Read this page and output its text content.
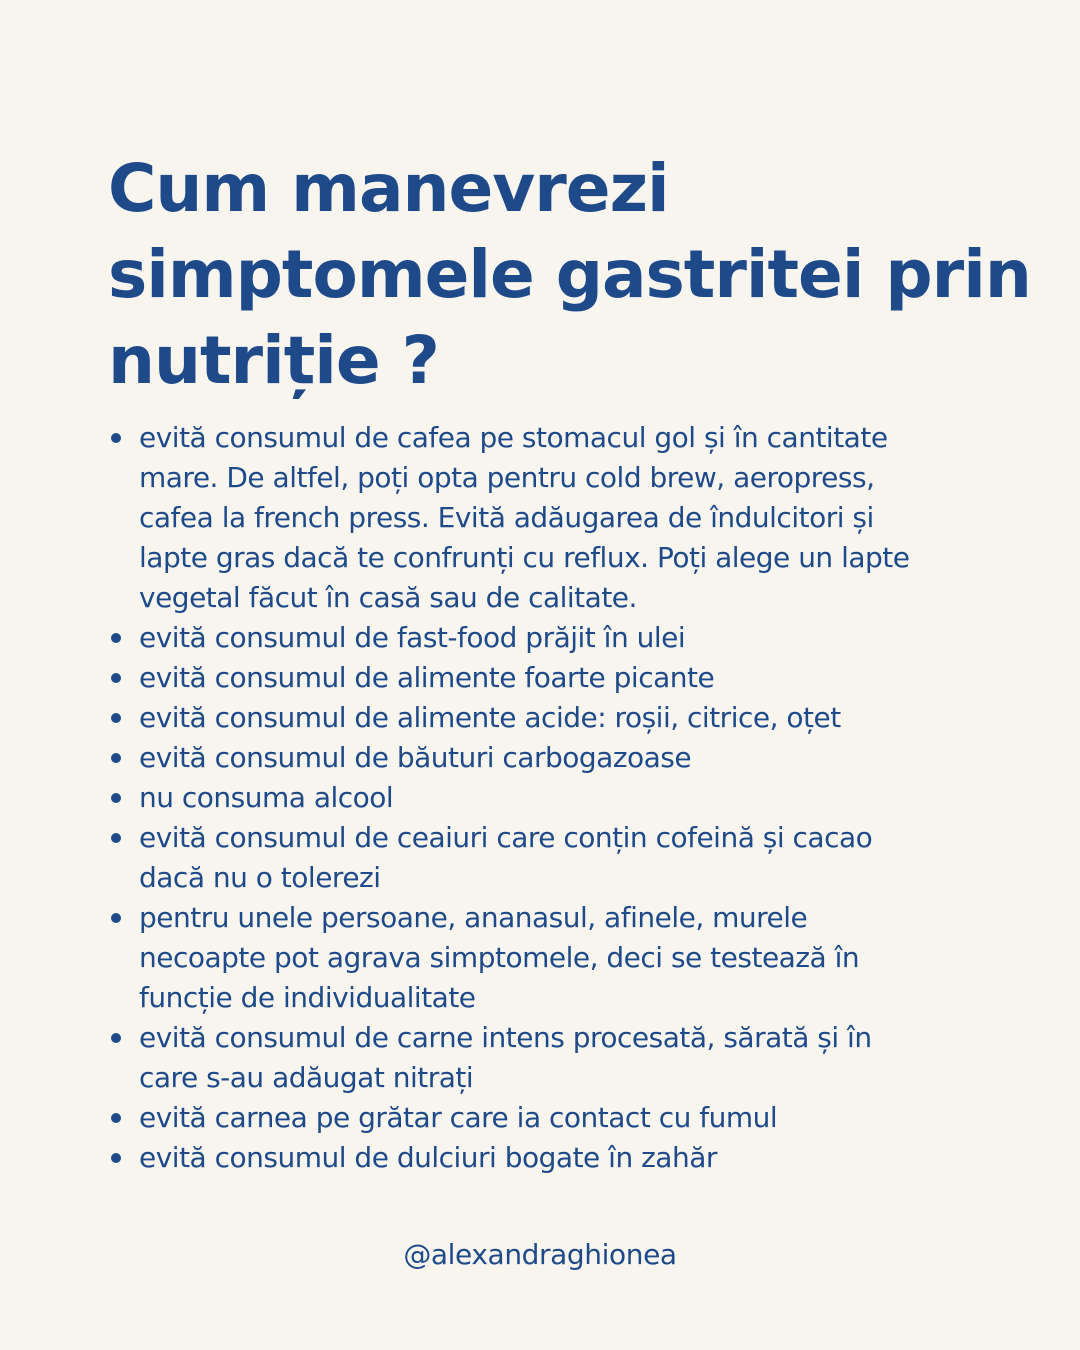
Cum manevrezi
simptomele gastritei prin
nutriție ?
evită consumul de cafea pe stomacul gol și în cantitate
mare. De altfel, poți opta pentru cold brew, aeropress,
cafea la french press. Evită adăugarea de îndulcitori și
lapte gras dacă te confrunți cu reflux. Poți alege un lapte
vegetal făcut în casă sau de calitate.
evită consumul de fast-food prăjit în ulei
evită consumul de alimente foarte picante
evită consumul de alimente acide: roșii, citrice, oțet
evită consumul de băuturi carbogazoase
nu consuma alcool
evită consumul de ceaiuri care conțin cofeină și cacao
dacă nu o tolerezi
pentru unele persoane, ananasul, afinele, murele
necoapte pot agrava simptomele, deci se testează în
funcție de individualitate
evită consumul de carne intens procesată, sărată și în
care s-au adăugat nitrați
evită carnea pe grătar care ia contact cu fumul
evită consumul de dulciuri bogate în zahăr
@alexandraghionea
